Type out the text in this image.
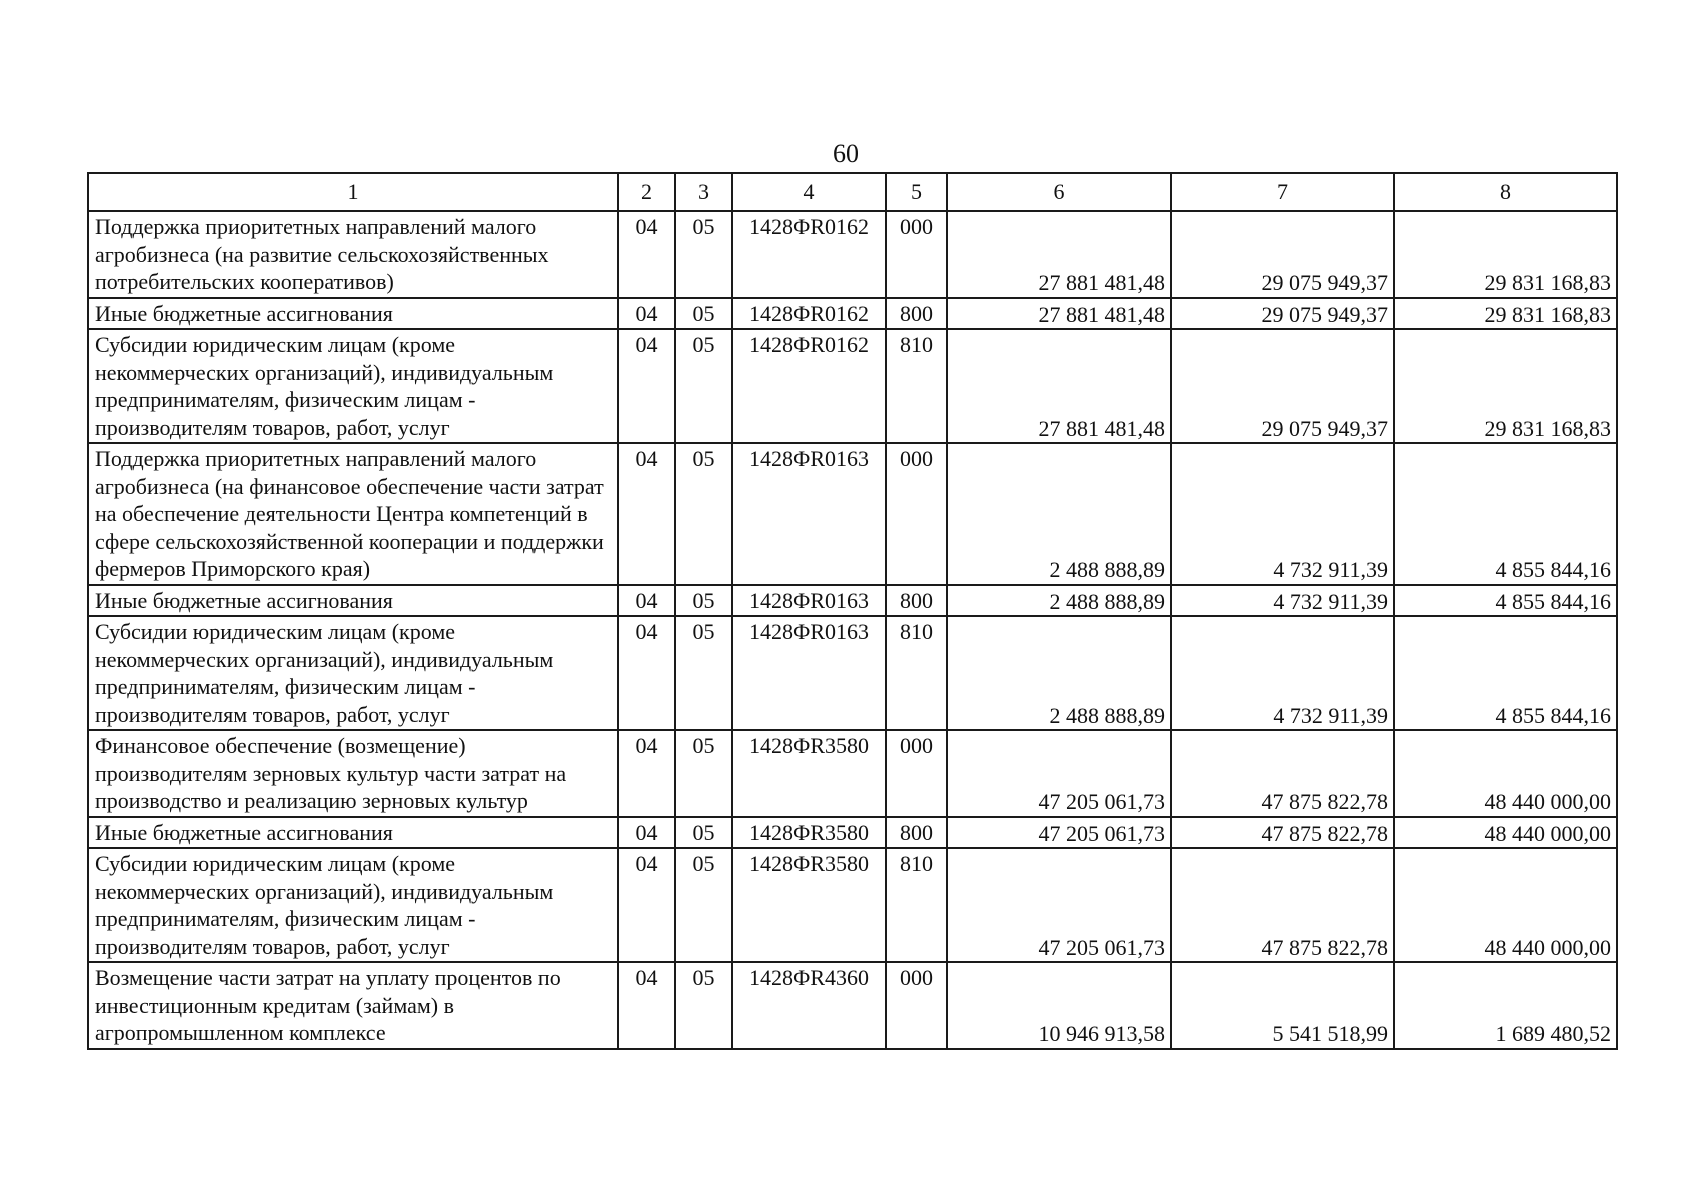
60
1	2	3	4	5	6	7	8
Поддержка приоритетных направлений малого агробизнеса (на развитие сельскохозяйственных потребительских кооперативов)	04	05	1428ФR0162	000	27 881 481,48	29 075 949,37	29 831 168,83
Иные бюджетные ассигнования	04	05	1428ФR0162	800	27 881 481,48	29 075 949,37	29 831 168,83
Субсидии юридическим лицам (кроме некоммерческих организаций), индивидуальным предпринимателям, физическим лицам - производителям товаров, работ, услуг	04	05	1428ФR0162	810	27 881 481,48	29 075 949,37	29 831 168,83
Поддержка приоритетных направлений малого агробизнеса (на финансовое обеспечение части затрат на обеспечение деятельности Центра компетенций в сфере сельскохозяйственной кооперации и поддержки фермеров Приморского края)	04	05	1428ФR0163	000	2 488 888,89	4 732 911,39	4 855 844,16
Иные бюджетные ассигнования	04	05	1428ФR0163	800	2 488 888,89	4 732 911,39	4 855 844,16
Субсидии юридическим лицам (кроме некоммерческих организаций), индивидуальным предпринимателям, физическим лицам - производителям товаров, работ, услуг	04	05	1428ФR0163	810	2 488 888,89	4 732 911,39	4 855 844,16
Финансовое обеспечение (возмещение) производителям зерновых культур части затрат на производство и реализацию зерновых культур	04	05	1428ФR3580	000	47 205 061,73	47 875 822,78	48 440 000,00
Иные бюджетные ассигнования	04	05	1428ФR3580	800	47 205 061,73	47 875 822,78	48 440 000,00
Субсидии юридическим лицам (кроме некоммерческих организаций), индивидуальным предпринимателям, физическим лицам - производителям товаров, работ, услуг	04	05	1428ФR3580	810	47 205 061,73	47 875 822,78	48 440 000,00
Возмещение части затрат на уплату процентов по инвестиционным кредитам (займам) в агропромышленном комплексе	04	05	1428ФR4360	000	10 946 913,58	5 541 518,99	1 689 480,52
